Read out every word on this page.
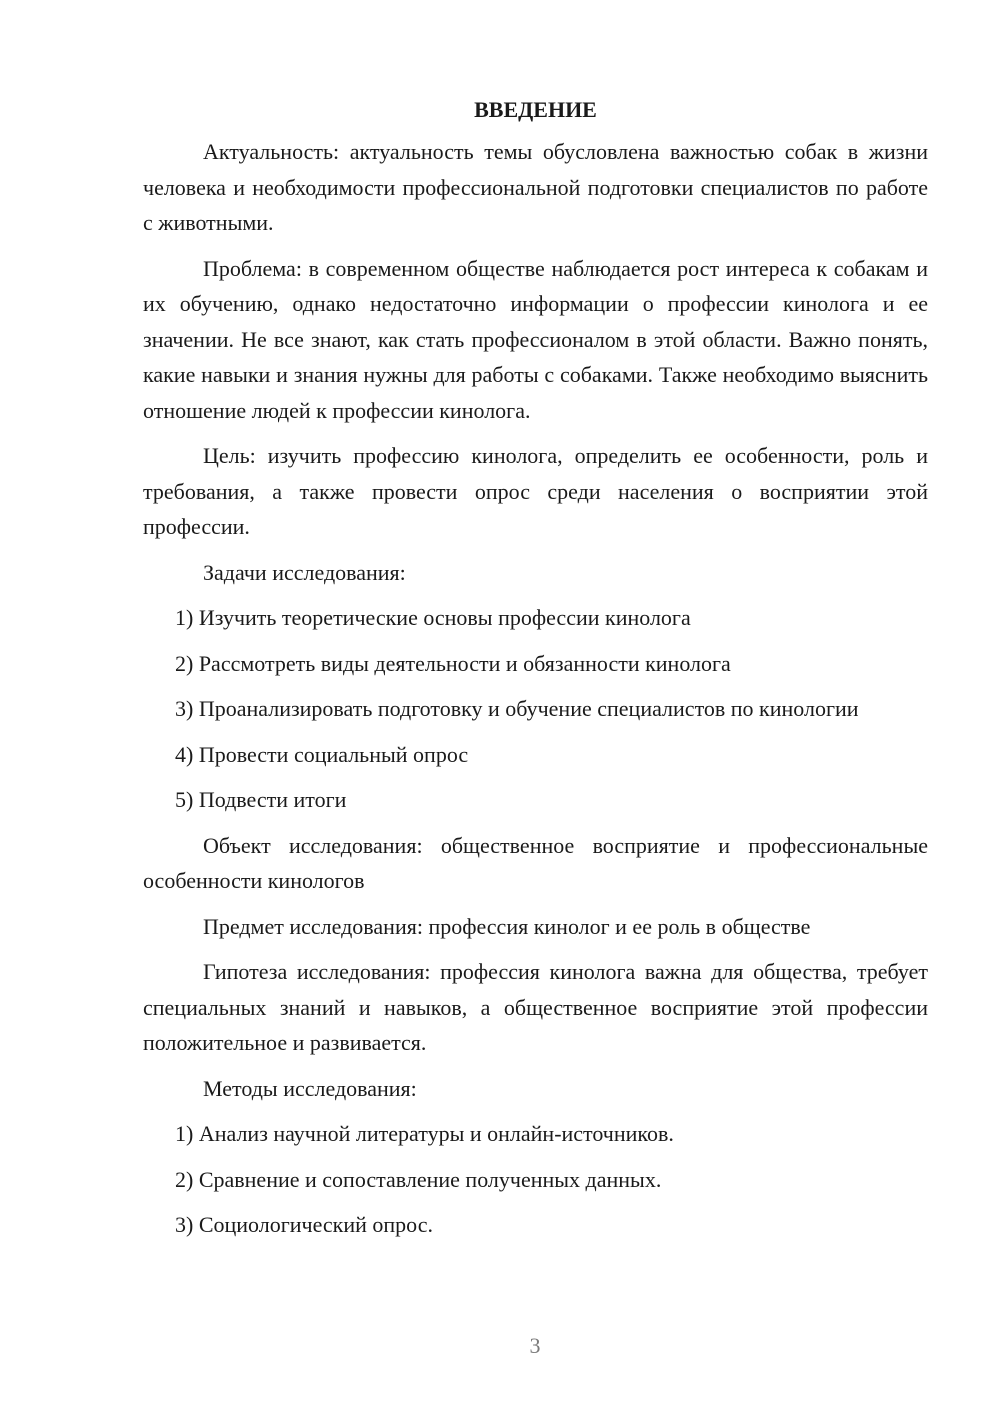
ВВЕДЕНИЕ
Актуальность: актуальность темы обусловлена важностью собак в жизни человека и необходимости профессиональной подготовки специалистов по работе с животными.
Проблема: в современном обществе наблюдается рост интереса к собакам и их обучению, однако недостаточно информации о профессии кинолога и ее значении. Не все знают, как стать профессионалом в этой области. Важно понять, какие навыки и знания нужны для работы с собаками. Также необходимо выяснить отношение людей к профессии кинолога.
Цель: изучить профессию кинолога, определить ее особенности, роль и требования, а также провести опрос среди населения о восприятии этой профессии.
Задачи исследования:
1) Изучить теоретические основы профессии кинолога
2) Рассмотреть виды деятельности и обязанности кинолога
3) Проанализировать подготовку и обучение специалистов по кинологии
4) Провести социальный опрос
5) Подвести итоги
Объект исследования: общественное восприятие и профессиональные особенности кинологов
Предмет исследования: профессия кинолог и ее роль в обществе
Гипотеза исследования: профессия кинолога важна для общества, требует специальных знаний и навыков, а общественное восприятие этой профессии положительное и развивается.
Методы исследования:
1) Анализ научной литературы и онлайн-источников.
2) Сравнение и сопоставление полученных данных.
3) Социологический опрос.
3
